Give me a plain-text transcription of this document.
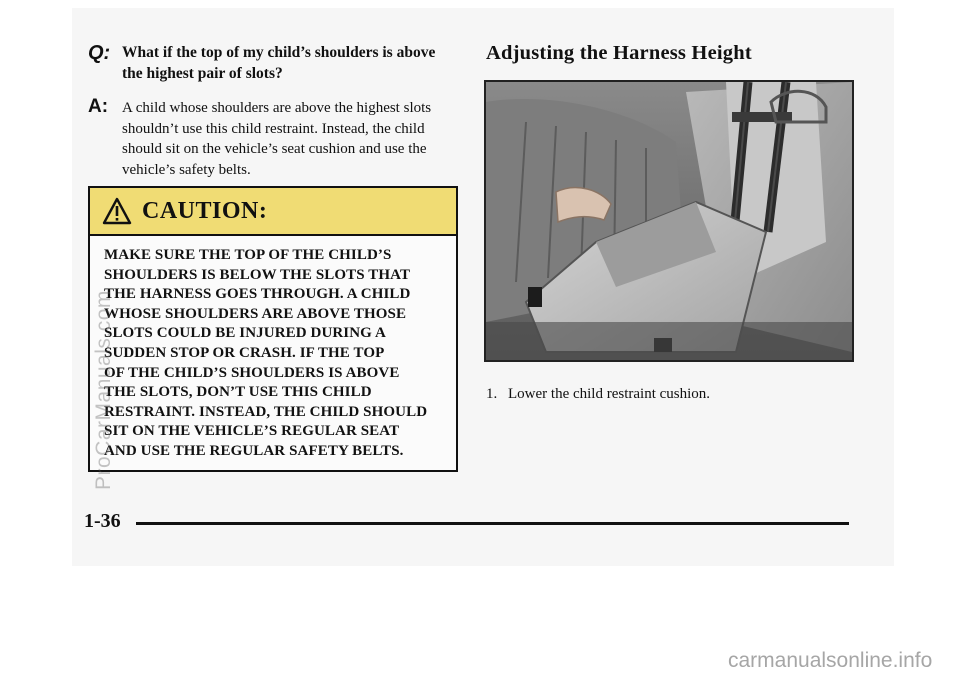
Q: What if the top of my child’s shoulders is above the highest pair of slots?
A: A child whose shoulders are above the highest slots shouldn’t use this child restraint. Instead, the child should sit on the vehicle’s seat cushion and use the vehicle’s safety belts.
CAUTION:
MAKE SURE THE TOP OF THE CHILD’S
SHOULDERS IS BELOW THE SLOTS THAT
THE HARNESS GOES THROUGH. A CHILD
WHOSE SHOULDERS ARE ABOVE THOSE
SLOTS COULD BE INJURED DURING A
SUDDEN STOP OR CRASH. IF THE TOP
OF THE CHILD’S SHOULDERS IS ABOVE
THE SLOTS, DON’T USE THIS CHILD
RESTRAINT. INSTEAD, THE CHILD SHOULD
SIT ON THE VEHICLE’S REGULAR SEAT
AND USE THE REGULAR SAFETY BELTS.
Adjusting the Harness Height
1. Lower the child restraint cushion.
1-36
ProCarManuals.com
carmanualsonline.info
